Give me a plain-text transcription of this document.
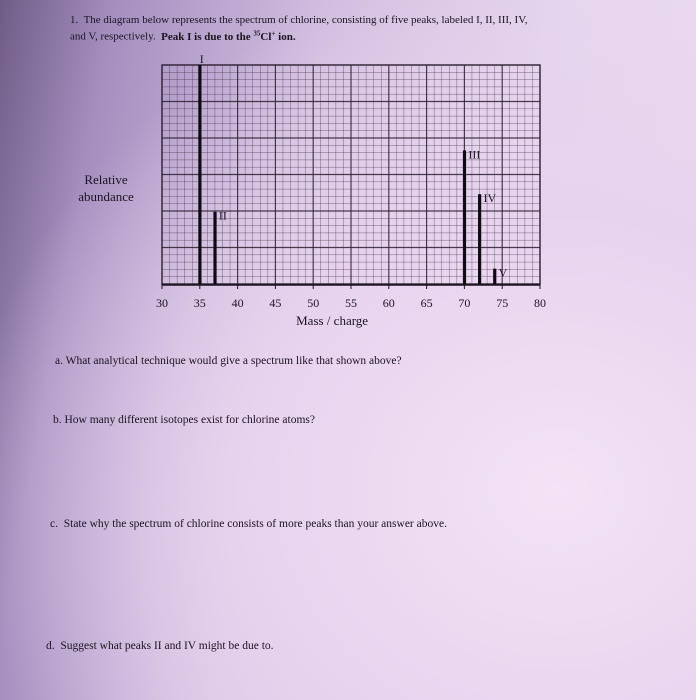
1. The diagram below represents the spectrum of chlorine, consisting of five peaks, labeled I, II, III, IV,
and V, respectively. Peak I is due to the $^{35}$Cl+ ion.
Relative
abundance
30 35 40 45 50 55 60 65 70 75 80
Mass / charge
I
II
III
IV
V
a. What analytical technique would give a spectrum like that shown above?
b. How many different isotopes exist for chlorine atoms?
c. State why the spectrum of chlorine consists of more peaks than your answer above.
d. Suggest what peaks II and IV might be due to.
